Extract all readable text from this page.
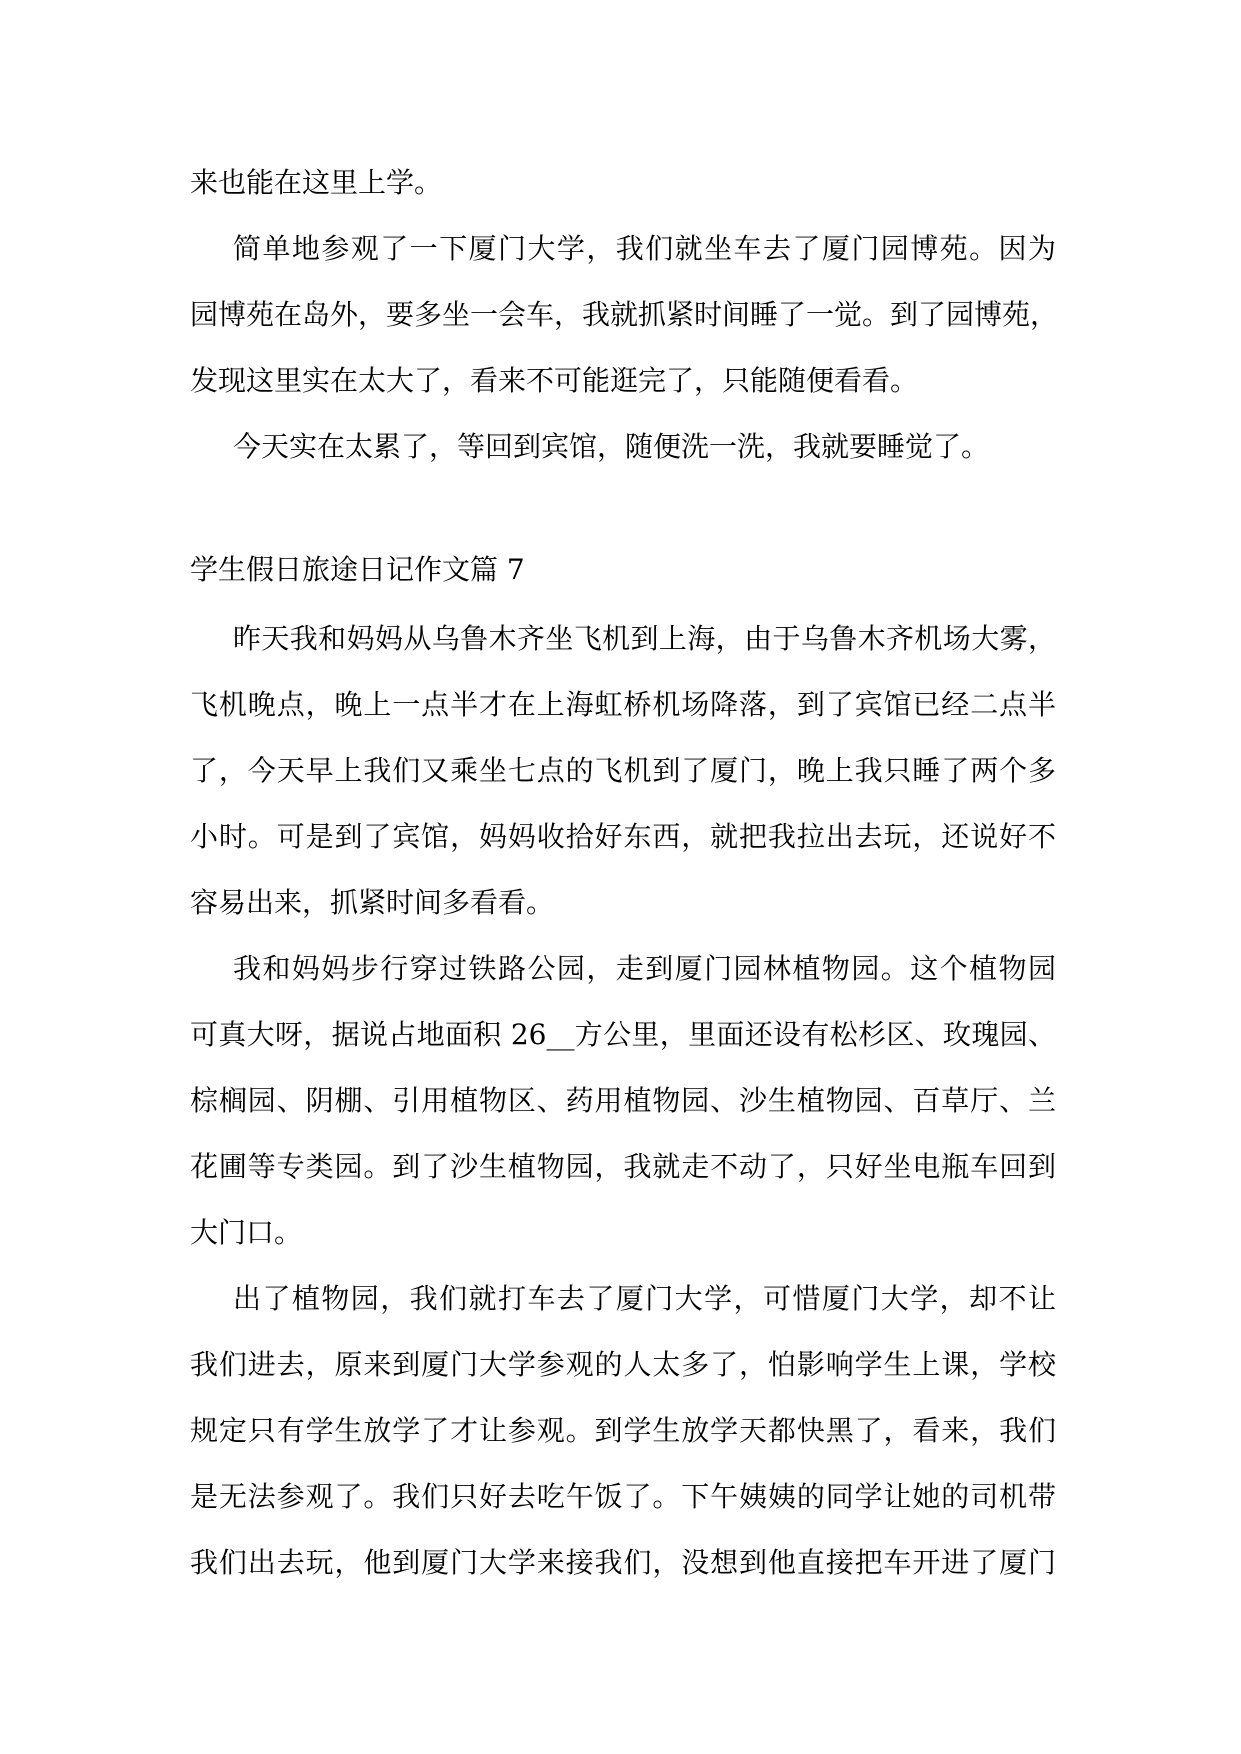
来也能在这里上学。
简单地参观了一下厦门大学，我们就坐车去了厦门园博苑。因为
园博苑在岛外，要多坐一会车，我就抓紧时间睡了一觉。到了园博苑，
发现这里实在太大了，看来不可能逛完了，只能随便看看。
今天实在太累了，等回到宾馆，随便洗一洗，我就要睡觉了。
学生假日旅途日记作文篇 7
昨天我和妈妈从乌鲁木齐坐飞机到上海，由于乌鲁木齐机场大雾，
飞机晚点，晚上一点半才在上海虹桥机场降落，到了宾馆已经二点半
了，今天早上我们又乘坐七点的飞机到了厦门，晚上我只睡了两个多
小时。可是到了宾馆，妈妈收拾好东西，就把我拉出去玩，还说好不
容易出来，抓紧时间多看看。
我和妈妈步行穿过铁路公园，走到厦门园林植物园。这个植物园
可真大呀，据说占地面积 26__方公里，里面还设有松杉区、玫瑰园、
棕榈园、阴棚、引用植物区、药用植物园、沙生植物园、百草厅、兰
花圃等专类园。到了沙生植物园，我就走不动了，只好坐电瓶车回到
大门口。
出了植物园，我们就打车去了厦门大学，可惜厦门大学，却不让
我们进去，原来到厦门大学参观的人太多了，怕影响学生上课，学校
规定只有学生放学了才让参观。到学生放学天都快黑了，看来，我们
是无法参观了。我们只好去吃午饭了。下午姨姨的同学让她的司机带
我们出去玩，他到厦门大学来接我们，没想到他直接把车开进了厦门
